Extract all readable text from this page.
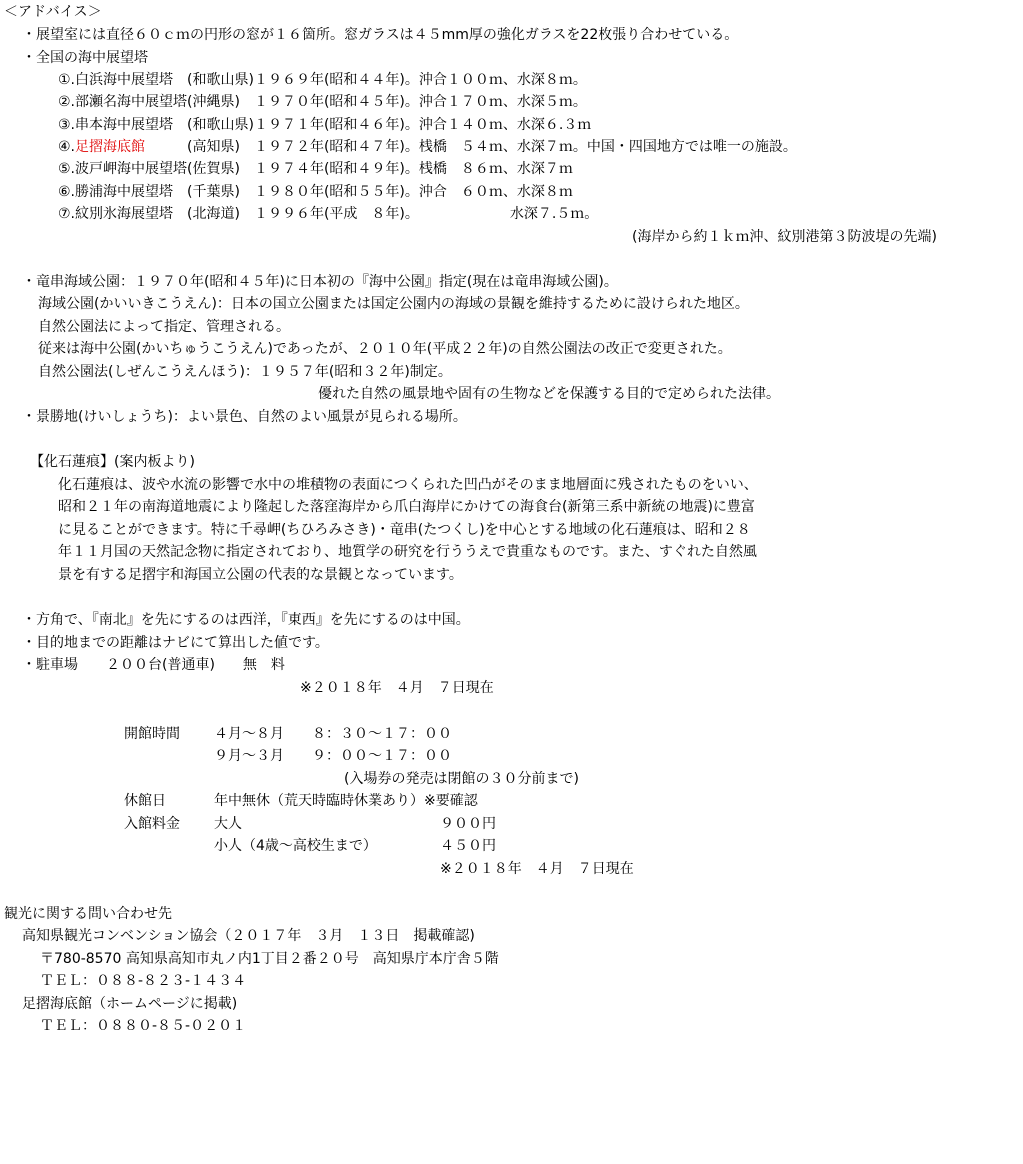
＜アドバイス＞
・展望室には直径６０ｃｍの円形の窓が１６箇所。窓ガラスは４５mm厚の強化ガラスを22枚張り合わせている。
・全国の海中展望塔
①.白浜海中展望塔　(和歌山県)１９６９年(昭和４４年)。沖合１００ｍ、水深８ｍ。
②.部瀬名海中展望塔(沖縄県)　１９７０年(昭和４５年)。沖合１７０ｍ、水深５ｍ。
③.串本海中展望塔　(和歌山県)１９７１年(昭和４６年)。沖合１４０ｍ、水深６.３ｍ
④.足摺海底館　　　(高知県)　１９７２年(昭和４７年)。桟橋　５４ｍ、水深７ｍ。中国・四国地方では唯一の施設。
⑤.波戸岬海中展望塔(佐賀県)　１９７４年(昭和４９年)。桟橋　８６ｍ、水深７ｍ
⑥.勝浦海中展望塔　(千葉県)　１９８０年(昭和５５年)。沖合　６０ｍ、水深８ｍ
⑦.紋別氷海展望塔　(北海道)　１９９６年(平成　８年)。　　　　　　　水深７.５ｍ。
(海岸から約１ｋｍ沖、紋別港第３防波堤の先端)
・竜串海域公園：１９７０年(昭和４５年)に日本初の『海中公園』指定(現在は竜串海域公園)。
海域公園(かいいきこうえん)：日本の国立公園または国定公園内の海域の景観を維持するために設けられた地区。
自然公園法によって指定、管理される。
従来は海中公園(かいちゅうこうえん)であったが、２０１０年(平成２２年)の自然公園法の改正で変更された。
自然公園法(しぜんこうえんほう)：１９５７年(昭和３２年)制定。
優れた自然の風景地や固有の生物などを保護する目的で定められた法律。
・景勝地(けいしょうち)：よい景色、自然のよい風景が見られる場所。
【化石蓮痕】(案内板より)
化石蓮痕は、波や水流の影響で水中の堆積物の表面につくられた凹凸がそのまま地層面に残されたものをいい、
昭和２１年の南海道地震により隆起した落窪海岸から爪白海岸にかけての海食台(新第三系中新統の地震)に豊富
に見ることができます。特に千尋岬(ちひろみさき)・竜串(たつくし)を中心とする地域の化石蓮痕は、昭和２８
年１１月国の天然記念物に指定されており、地質学の研究を行ううえで貴重なものです。また、すぐれた自然風
景を有する足摺宇和海国立公園の代表的な景観となっています。
・方角で、『南北』を先にするのは西洋，『東西』を先にするのは中国。
・目的地までの距離はナビにて算出した値です。
・駐車場　　２００台(普通車)　　無　料
※２０１８年　４月　７日現在
開館時間 ４月～８月　　８：３０～１７：００
９月～３月　　９：００～１７：００
(入場券の発売は閉館の３０分前まで)
休館日	年中無休（荒天時臨時休業あり）※要確認
入館料金 大人	９００円
小人（4歳～高校生まで）	４５０円
※２０１８年　４月　７日現在
観光に関する問い合わせ先
高知県観光コンベンション協会（２０１７年　３月　１３日　掲載確認)
〒780-8570 高知県高知市丸ノ内1丁目２番２０号　高知県庁本庁舎５階
ＴＥＬ：０８８-８２３-１４３４
足摺海底館（ホームページに掲載)
ＴＥＬ：０８８０-８５-０２０１
